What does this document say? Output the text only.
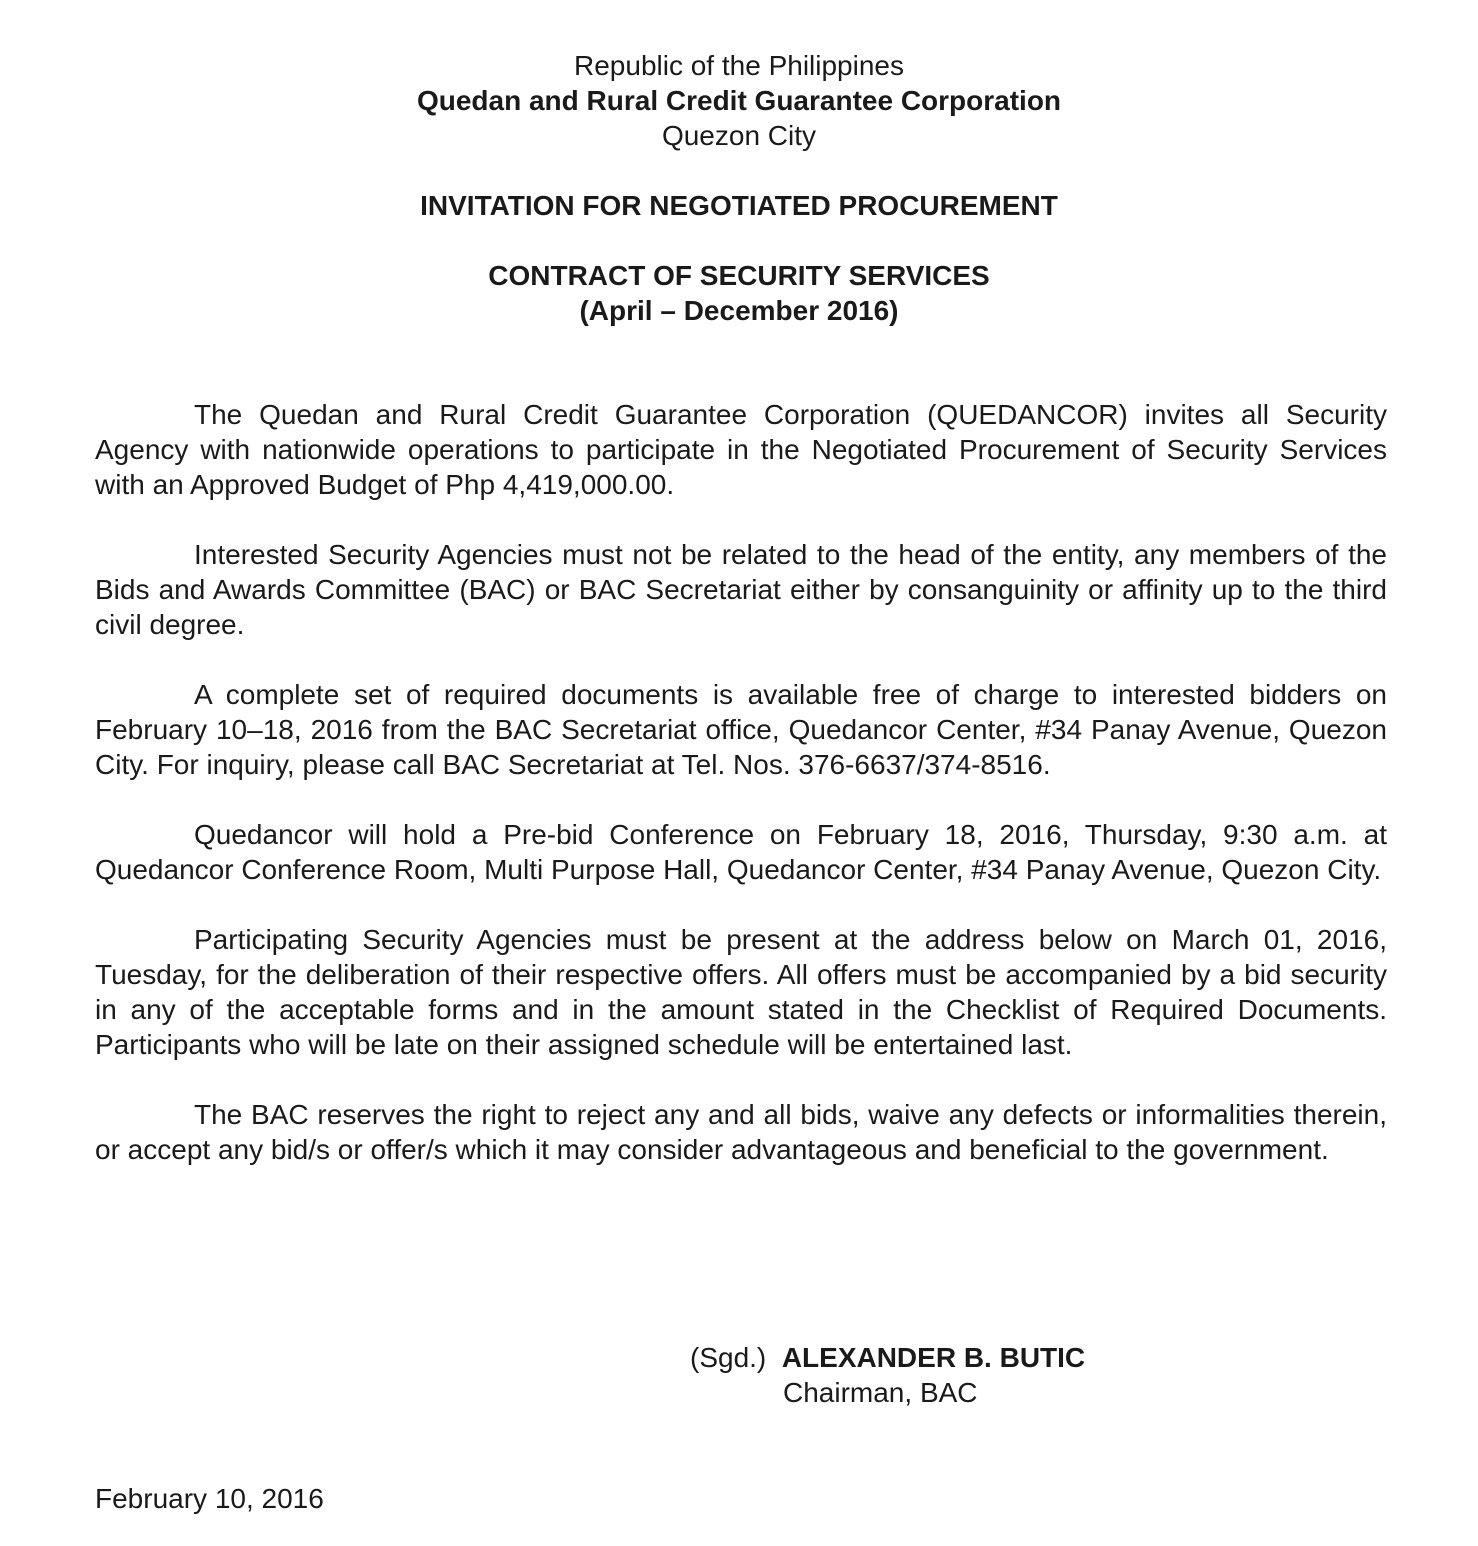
Republic of the Philippines
Quedan and Rural Credit Guarantee Corporation
Quezon City
INVITATION FOR NEGOTIATED PROCUREMENT
CONTRACT OF SECURITY SERVICES
(April – December 2016)

The Quedan and Rural Credit Guarantee Corporation (QUEDANCOR) invites all Security Agency with nationwide operations to participate in the Negotiated Procurement of Security Services with an Approved Budget of Php 4,419,000.00.

Interested Security Agencies must not be related to the head of the entity, any members of the Bids and Awards Committee (BAC) or BAC Secretariat either by consanguinity or affinity up to the third civil degree.

A complete set of required documents is available free of charge to interested bidders on February 10–18, 2016 from the BAC Secretariat office, Quedancor Center, #34 Panay Avenue, Quezon City. For inquiry, please call BAC Secretariat at Tel. Nos. 376-6637/374-8516.

Quedancor will hold a Pre-bid Conference on February 18, 2016, Thursday, 9:30 a.m. at Quedancor Conference Room, Multi Purpose Hall, Quedancor Center, #34 Panay Avenue, Quezon City.

Participating Security Agencies must be present at the address below on March 01, 2016, Tuesday, for the deliberation of their respective offers. All offers must be accompanied by a bid security in any of the acceptable forms and in the amount stated in the Checklist of Required Documents. Participants who will be late on their assigned schedule will be entertained last.

The BAC reserves the right to reject any and all bids, waive any defects or informalities therein, or accept any bid/s or offer/s which it may consider advantageous and beneficial to the government.

(Sgd.) ALEXANDER B. BUTIC
Chairman, BAC
February 10, 2016
